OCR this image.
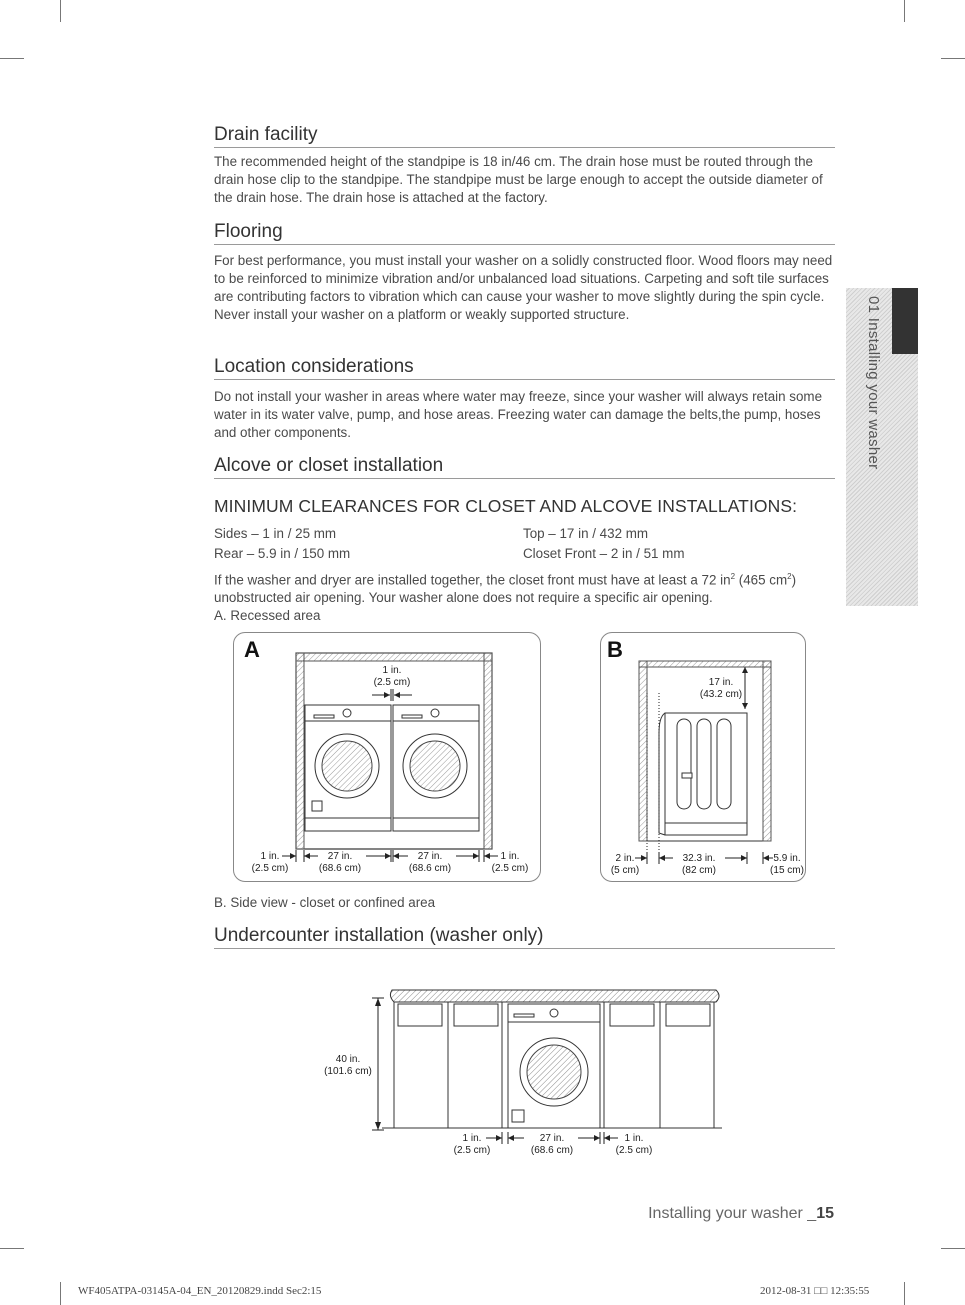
Drain facility

The recommended height of the standpipe is 18 in/46 cm. The drain hose must be routed through the drain hose clip to the standpipe. The standpipe must be large enough to accept the outside diameter of the drain hose. The drain hose is attached at the factory.

Flooring

For best performance, you must install your washer on a solidly constructed floor. Wood floors may need to be reinforced to minimize vibration and/or unbalanced load situations. Carpeting and soft tile surfaces are contributing factors to vibration which can cause your washer to move slightly during the spin cycle.

Never install your washer on a platform or weakly supported structure.

Location considerations

Do not install your washer in areas where water may freeze, since your washer will always retain some water in its water valve, pump, and hose areas. Freezing water can damage the belts,the pump, hoses and other components.

Alcove or closet installation
MINIMUM CLEARANCES FOR CLOSET AND ALCOVE INSTALLATIONS:
Sides – 1 in / 25 mm	Top – 17 in / 432 mm
Rear – 5.9 in / 150 mm	Closet Front – 2 in / 51 mm

If the washer and dryer are installed together, the closet front must have at least a 72 $in^2$ (465 $cm^2$) unobstructed air opening. Your washer alone does not require a specific air opening.

A. Recessed area

A
1 in.
(2.5 cm)
1 in.
(2.5 cm)
27 in.
(68.6 cm)
27 in.
(68.6 cm)
1 in.
(2.5 cm)
B
17 in.
(43.2 cm)
2 in.
(5 cm)
32.3 in.
(82 cm)
5.9 in.
(15 cm)

B. Side view - closet or confined area

Undercounter installation (washer only)
40 in.
(101.6 cm)
1 in.
(2.5 cm)
27 in.
(68.6 cm)
1 in.
(2.5 cm)
01 Installing your washer
Installing your washer _15
WF405ATPA-03145A-04_EN_20120829.indd Sec2:15	2012-08-31 □□ 12:35:55
